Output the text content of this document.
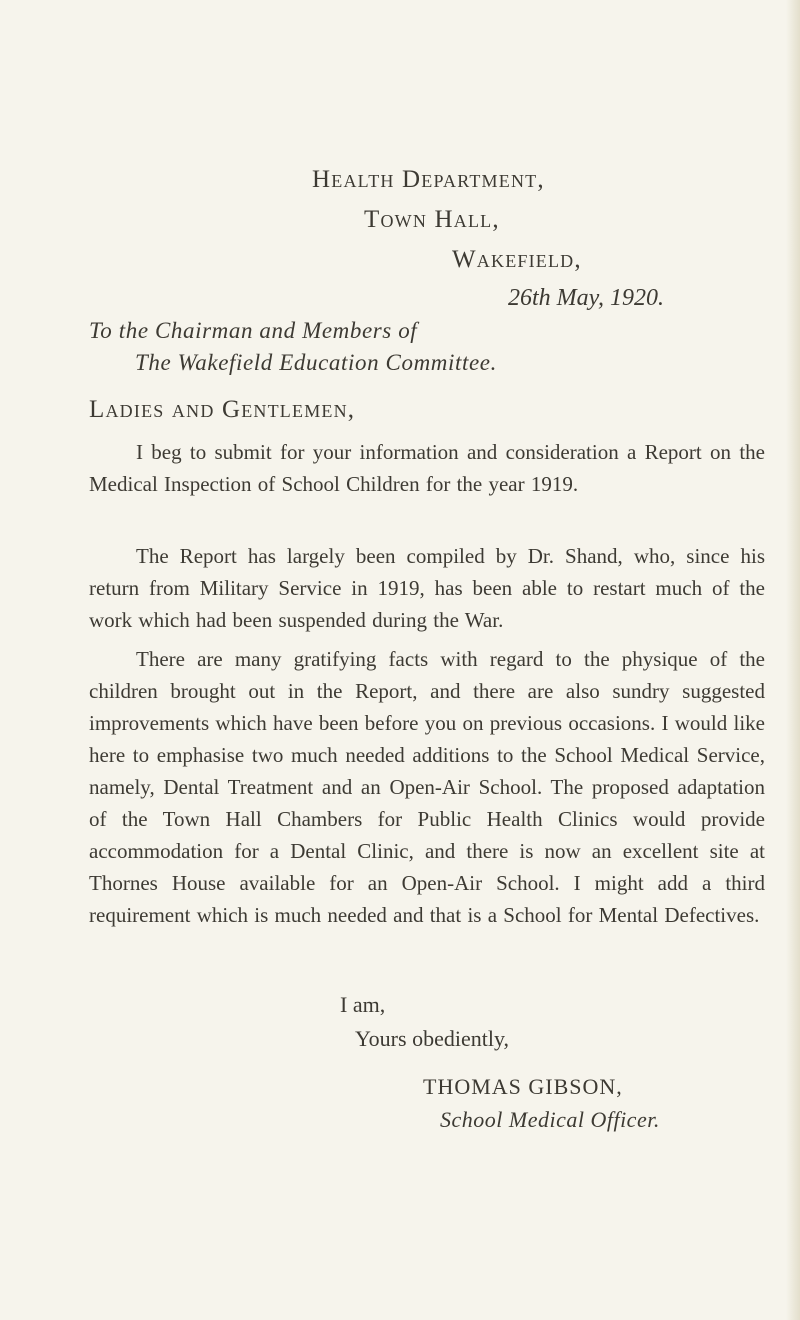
Health Department,
Town Hall,
Wakefield,
26th May, 1920.
To the Chairman and Members of
The Wakefield Education Committee.
Ladies and Gentlemen,
I beg to submit for your information and consideration a Report on the Medical Inspection of School Children for the year 1919.
The Report has largely been compiled by Dr. Shand, who, since his return from Military Service in 1919, has been able to restart much of the work which had been suspended during the War.
There are many gratifying facts with regard to the physique of the children brought out in the Report, and there are also sundry suggested improvements which have been before you on previous occasions. I would like here to emphasise two much needed additions to the School Medical Service, namely, Dental Treatment and an Open-Air School. The proposed adaptation of the Town Hall Chambers for Public Health Clinics would provide accommodation for a Dental Clinic, and there is now an excellent site at Thornes House available for an Open-Air School. I might add a third requirement which is much needed and that is a School for Mental Defectives.
I am,
Yours obediently,
THOMAS GIBSON,
School Medical Officer.
